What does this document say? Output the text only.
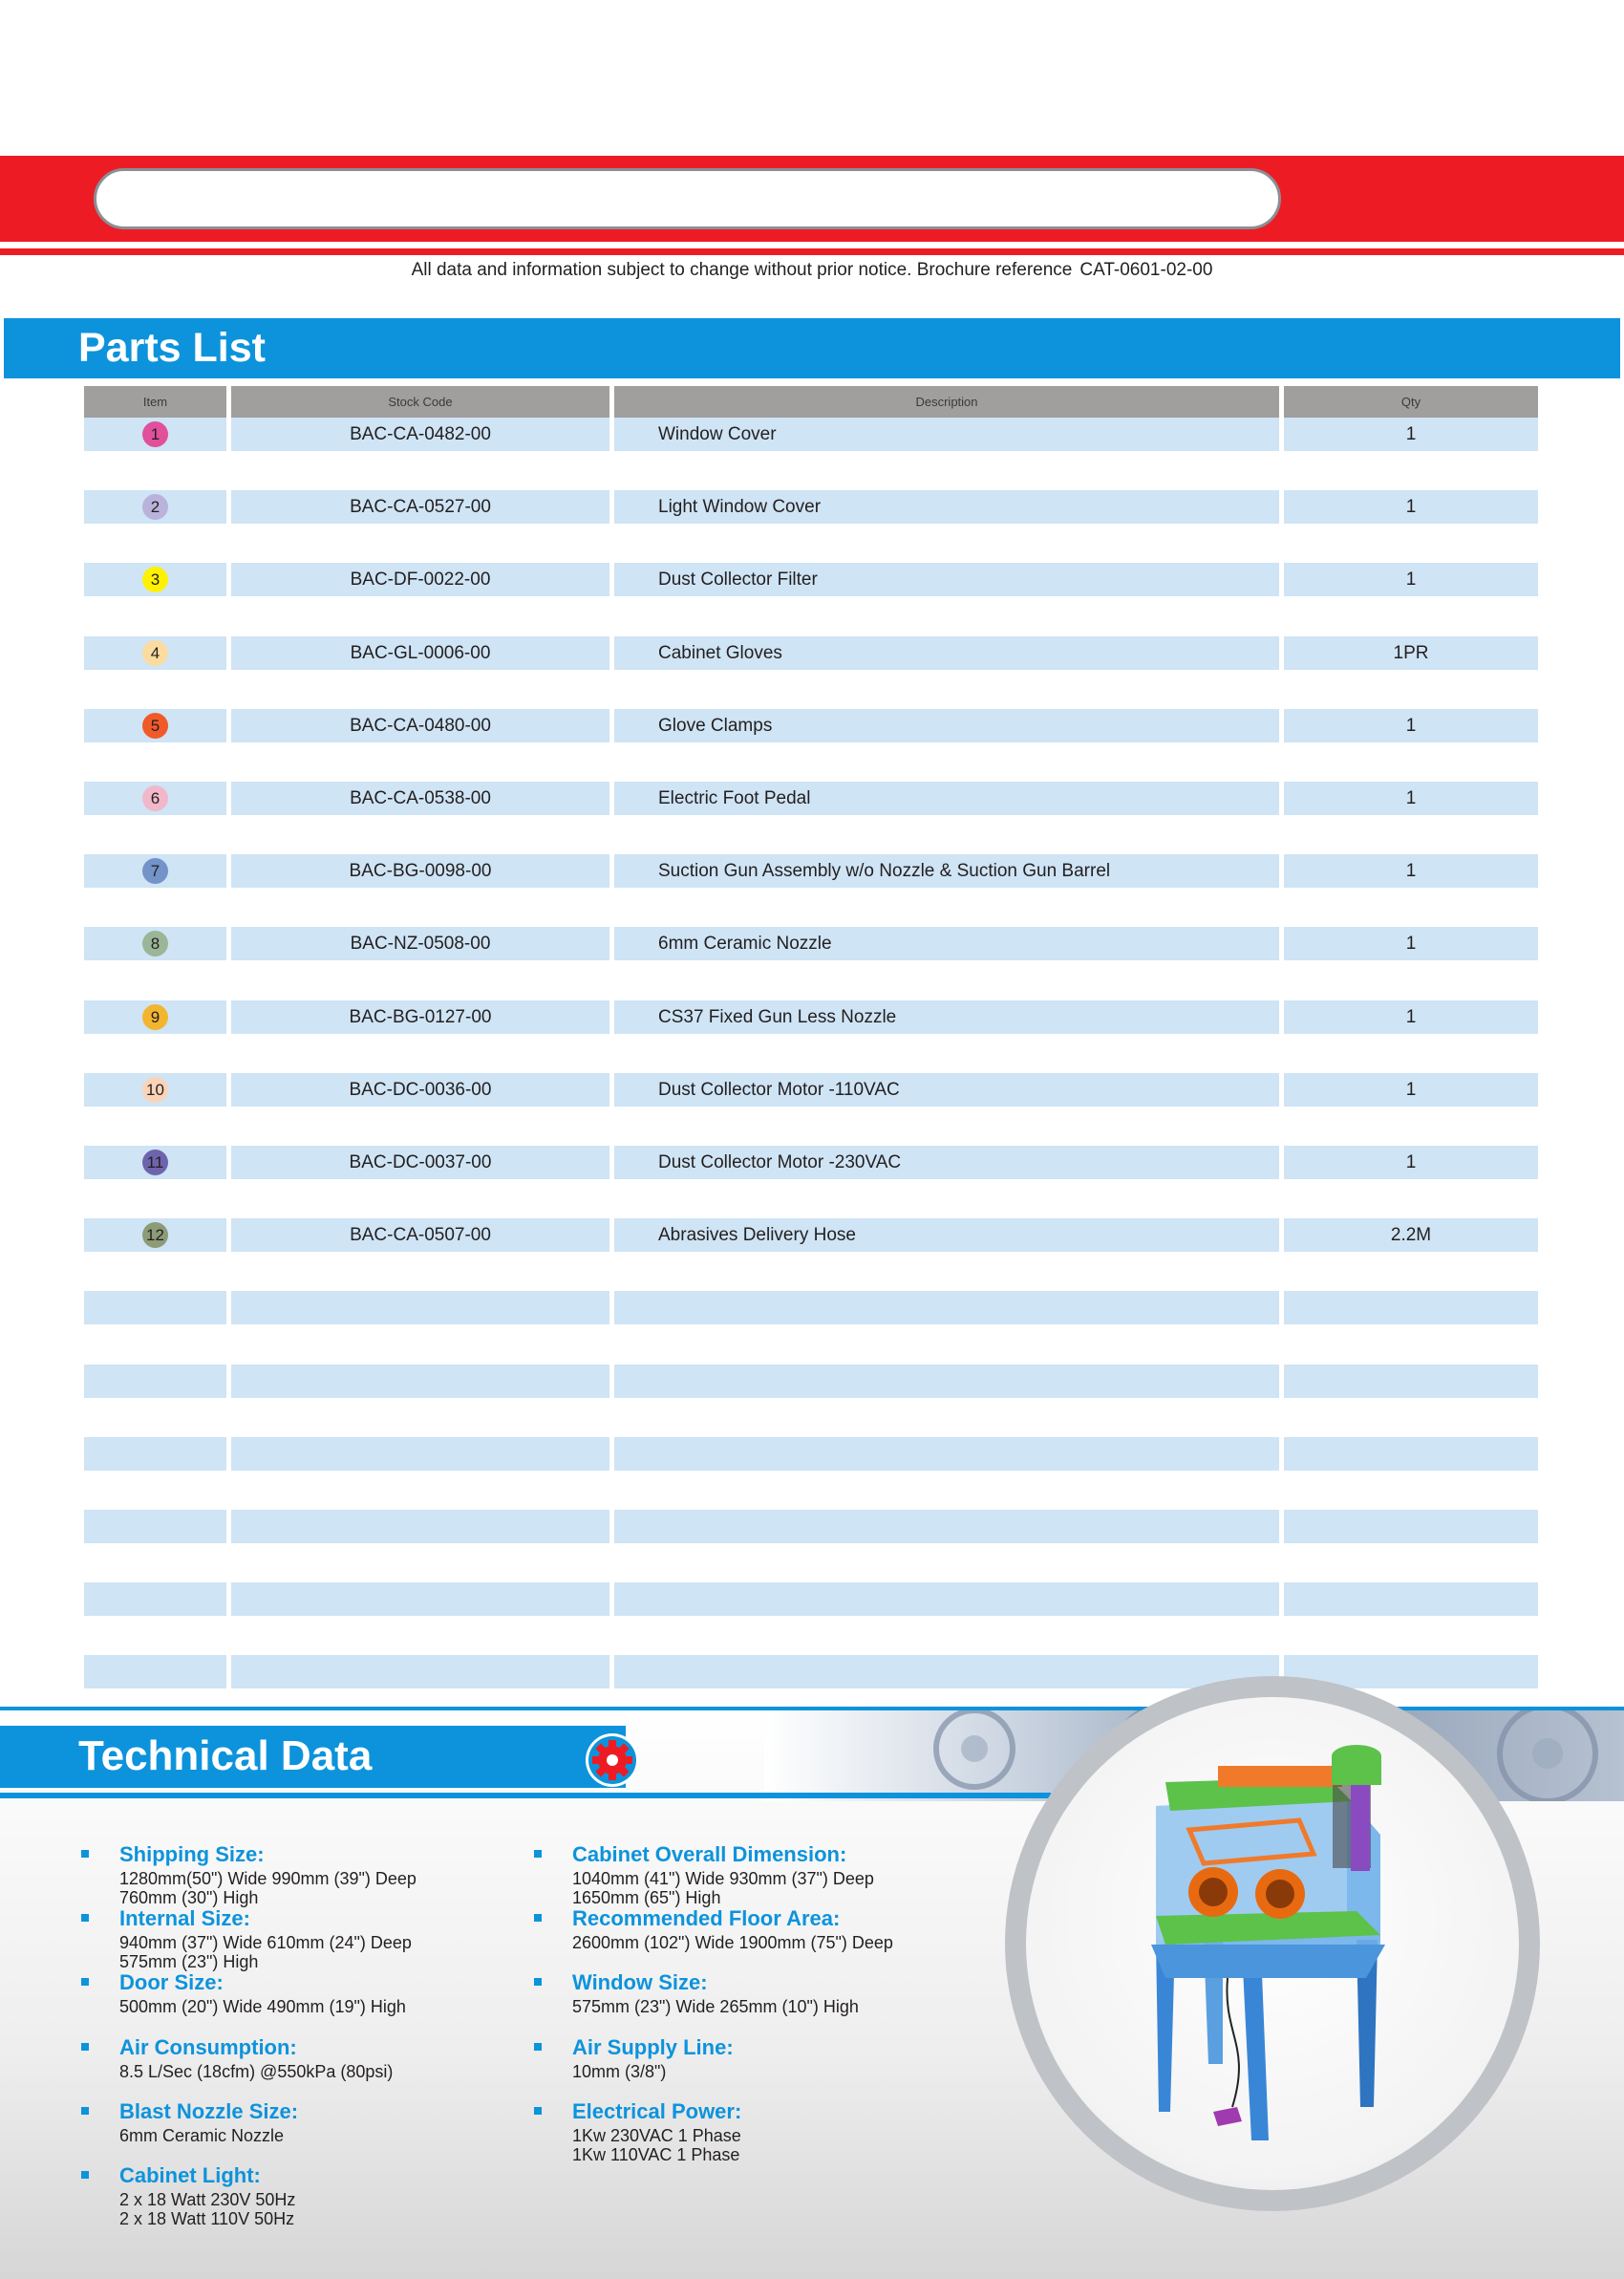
All data and information subject to change without prior notice. Brochure reference CAT-0601-02-00
Parts List
Item	Stock Code	Description	Qty
1	BAC-CA-0482-00	Window Cover	1
2	BAC-CA-0527-00	Light Window Cover	1
3	BAC-DF-0022-00	Dust Collector Filter	1
4	BAC-GL-0006-00	Cabinet Gloves	1PR
5	BAC-CA-0480-00	Glove Clamps	1
6	BAC-CA-0538-00	Electric Foot Pedal	1
7	BAC-BG-0098-00	Suction Gun Assembly w/o Nozzle & Suction Gun Barrel	1
8	BAC-NZ-0508-00	6mm Ceramic Nozzle	1
9	BAC-BG-0127-00	CS37 Fixed Gun Less Nozzle	1
10	BAC-DC-0036-00	Dust Collector Motor -110VAC	1
11	BAC-DC-0037-00	Dust Collector Motor -230VAC	1
12	BAC-CA-0507-00	Abrasives Delivery Hose	2.2M
Technical Data
Shipping Size:
1280mm(50") Wide 990mm (39") Deep
760mm (30") High
Internal Size:
940mm (37") Wide 610mm (24") Deep
575mm (23") High
Door Size:
500mm (20") Wide 490mm (19") High
Air Consumption:
8.5 L/Sec (18cfm) @550kPa (80psi)
Blast Nozzle Size:
6mm Ceramic Nozzle
Cabinet Light:
2 x 18 Watt 230V 50Hz
2 x 18 Watt 110V 50Hz
Cabinet Overall Dimension:
1040mm (41") Wide 930mm (37") Deep
1650mm (65") High
Recommended Floor Area:
2600mm (102") Wide 1900mm (75") Deep
Window Size:
575mm (23") Wide 265mm (10") High
Air Supply Line:
10mm (3/8")
Electrical Power:
1Kw 230VAC 1 Phase
1Kw 110VAC 1 Phase
